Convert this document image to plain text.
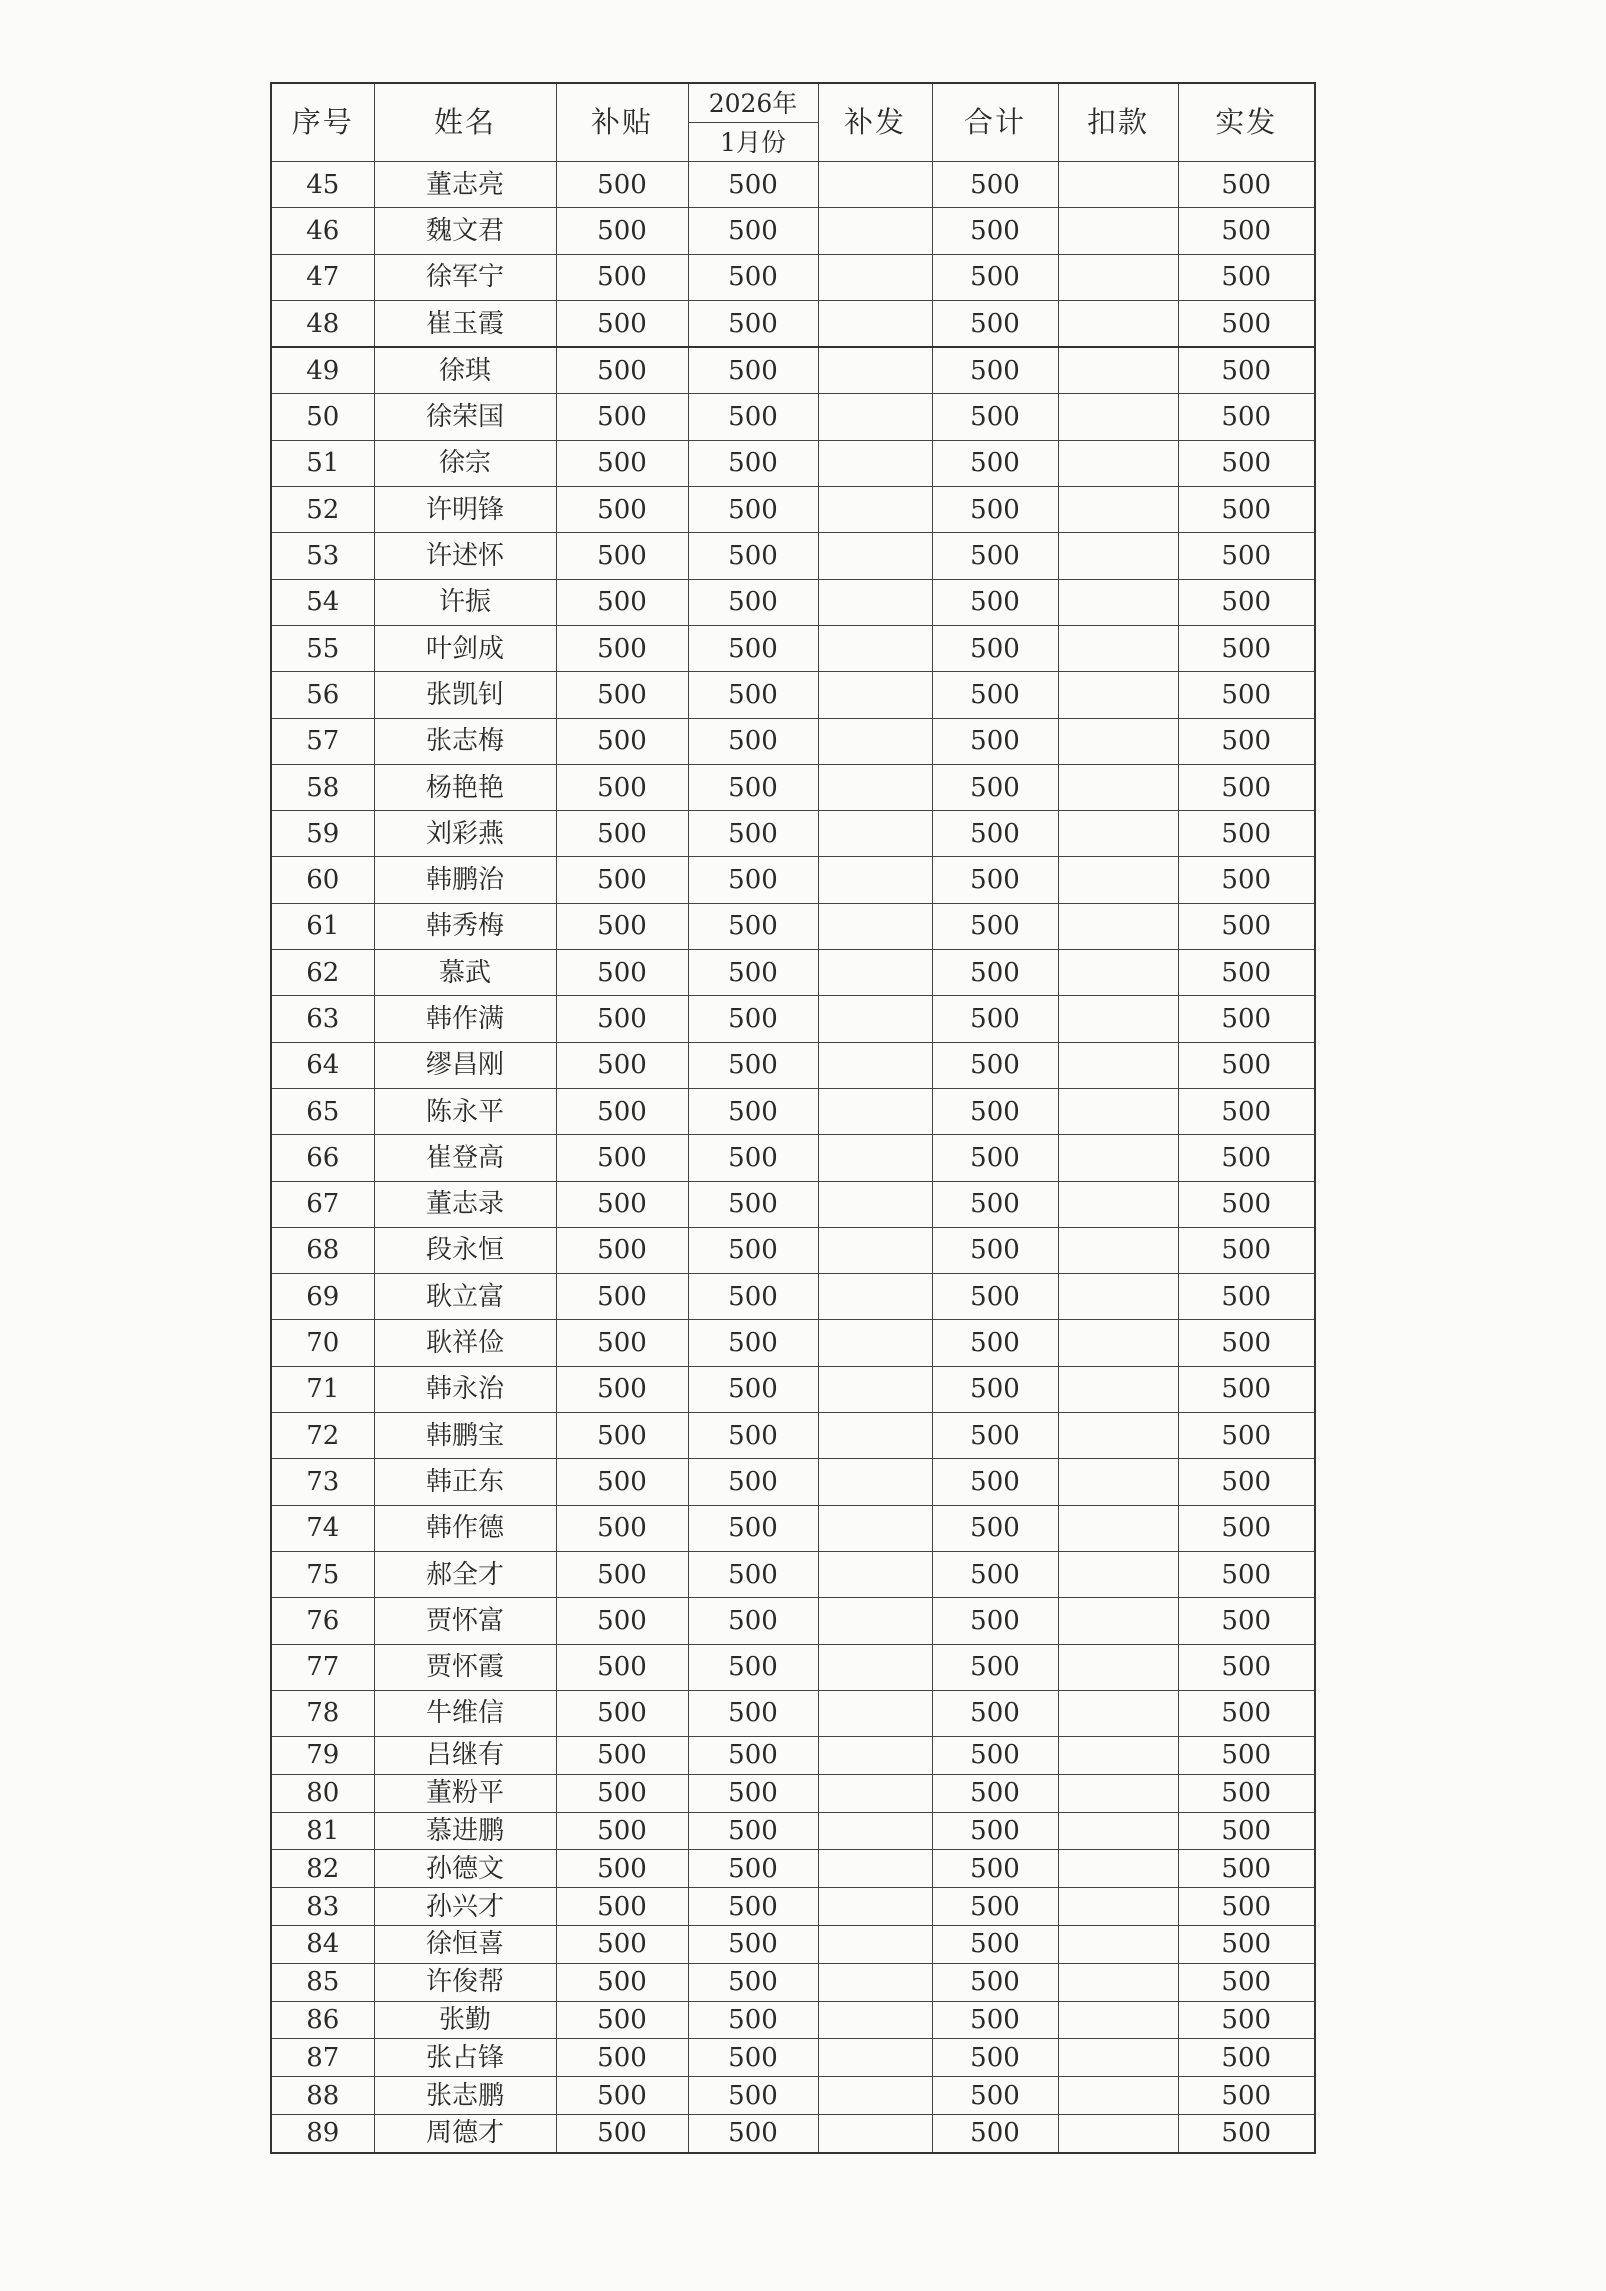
序号	姓名	补贴	2026年	补发	合计	扣款	实发
			1月份				
45	董志亮	500	500		500		500
46	魏文君	500	500		500		500
47	徐军宁	500	500		500		500
48	崔玉霞	500	500		500		500
49	徐琪	500	500		500		500
50	徐荣国	500	500		500		500
51	徐宗	500	500		500		500
52	许明锋	500	500		500		500
53	许述怀	500	500		500		500
54	许振	500	500		500		500
55	叶剑成	500	500		500		500
56	张凯钊	500	500		500		500
57	张志梅	500	500		500		500
58	杨艳艳	500	500		500		500
59	刘彩燕	500	500		500		500
60	韩鹏治	500	500		500		500
61	韩秀梅	500	500		500		500
62	慕武	500	500		500		500
63	韩作满	500	500		500		500
64	缪昌刚	500	500		500		500
65	陈永平	500	500		500		500
66	崔登高	500	500		500		500
67	董志录	500	500		500		500
68	段永恒	500	500		500		500
69	耿立富	500	500		500		500
70	耿祥俭	500	500		500		500
71	韩永治	500	500		500		500
72	韩鹏宝	500	500		500		500
73	韩正东	500	500		500		500
74	韩作德	500	500		500		500
75	郝全才	500	500		500		500
76	贾怀富	500	500		500		500
77	贾怀霞	500	500		500		500
78	牛维信	500	500		500		500
79	吕继有	500	500		500		500
80	董粉平	500	500		500		500
81	慕进鹏	500	500		500		500
82	孙德文	500	500		500		500
83	孙兴才	500	500		500		500
84	徐恒喜	500	500		500		500
85	许俊帮	500	500		500		500
86	张勤	500	500		500		500
87	张占锋	500	500		500		500
88	张志鹏	500	500		500		500
89	周德才	500	500		500		500
